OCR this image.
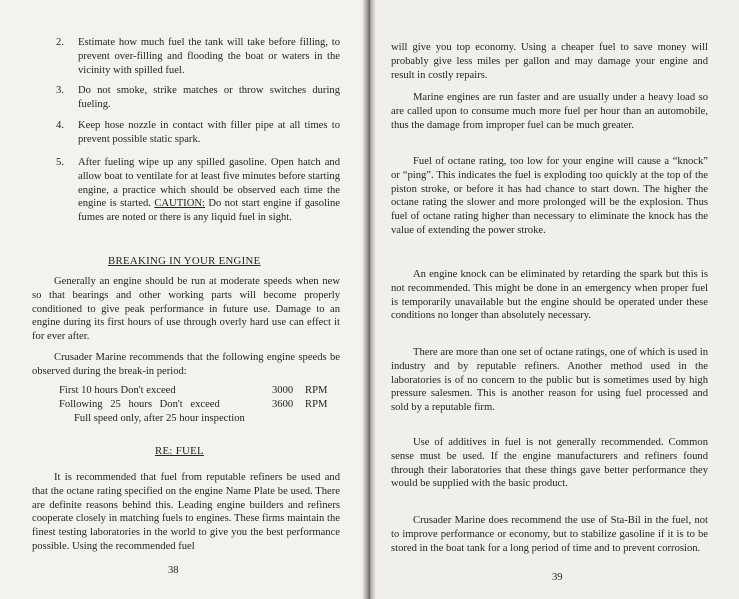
2. Estimate how much fuel the tank will take before filling, to prevent over-filling and flooding the boat or waters in the vicinity with spilled fuel.

3. Do not smoke, strike matches or throw switches during fueling.

4. Keep hose nozzle in contact with filler pipe at all times to prevent possible static spark.

5. After fueling wipe up any spilled gasoline. Open hatch and allow boat to ventilate for at least five minutes before starting engine, a practice which should be observed each time the engine is started. CAUTION: Do not start engine if gasoline fumes are noted or there is any liquid fuel in sight.

BREAKING IN YOUR ENGINE

Generally an engine should be run at moderate speeds when new so that bearings and other working parts will become properly conditioned to give peak performance in future use. Damage to an engine during its first hours of use through overly hard use can effect it for ever after.

Crusader Marine recommends that the following engine speeds be observed during the break-in period:

First 10 hours Don't exceed	3000 RPM
Following 25 hours Don't exceed	3600 RPM
Full speed only, after 25 hour inspection
RE: FUEL

It is recommended that fuel from reputable refiners be used and that the octane rating specified on the engine Name Plate be used. There are definite reasons behind this. Leading engine builders and refiners cooperate closely in matching fuels to engines. These firms maintain the finest testing laboratories in the world to give you the best performance possible. Using the recommended fuel

38

will give you top economy. Using a cheaper fuel to save money will probably give less miles per gallon and may damage your engine and result in costly repairs.

Marine engines are run faster and are usually under a heavy load so are called upon to consume much more fuel per hour than an automobile, thus the damage from improper fuel can be much greater.

Fuel of octane rating, too low for your engine will cause a “knock” or “ping”. This indicates the fuel is exploding too quickly at the top of the piston stroke, or before it has had chance to start down. The higher the octane rating the slower and more prolonged will be the explosion. Thus fuel of octane rating higher than necessary to eliminate the knock has the value of extending the power stroke.

An engine knock can be eliminated by retarding the spark but this is not recommended. This might be done in an emergency when proper fuel is temporarily unavailable but the engine should be operated under these conditions no longer than absolutely necessary.

There are more than one set of octane ratings, one of which is used in industry and by reputable refiners. Another method used in the laboratories is of no concern to the public but is sometimes used by high pressure salesmen. This is another reason for using fuel processed and sold by a reputable firm.

Use of additives in fuel is not generally recommended. Common sense must be used. If the engine manufacturers and refiners found through their laboratories that these things gave better performance they would be supplied with the basic product.

Crusader Marine does recommend the use of Sta-Bil in the fuel, not to improve performance or economy, but to stabilize gasoline if it is to be stored in the boat tank for a long period of time and to prevent corrosion.

39
